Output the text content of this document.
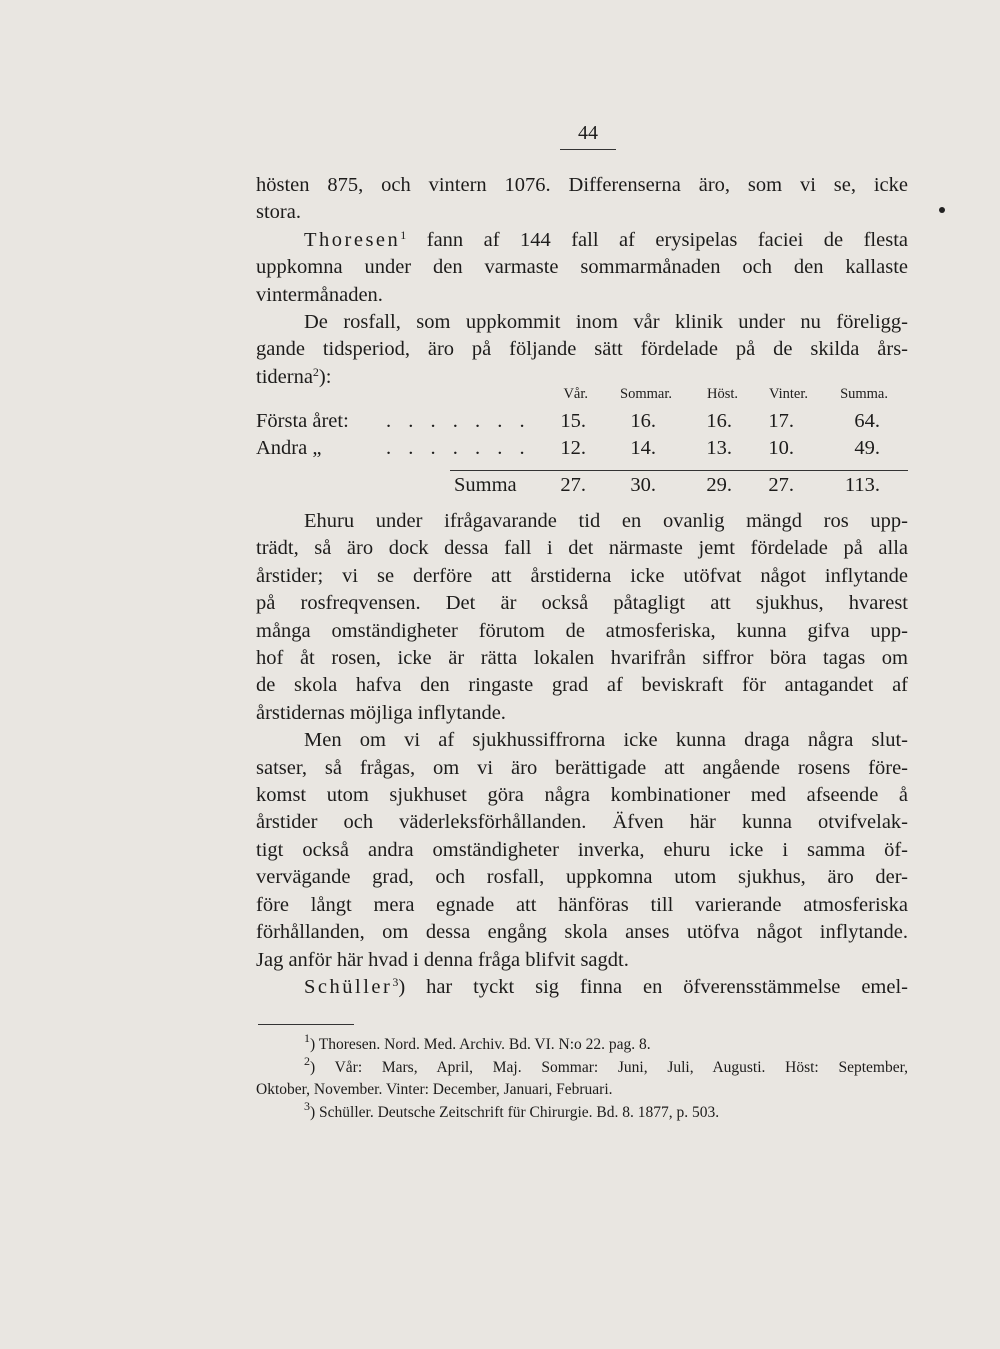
44
hösten 875, och vintern 1076. Differenserna äro, som vi se, icke
stora.
Thoresen$^1$ fann af 144 fall af erysipelas faciei de flesta
uppkomna under den varmaste sommarmånaden och den kallaste
vintermånaden.
De rosfall, som uppkommit inom vår klinik under nu föreligg-
gande tidsperiod, äro på följande sätt fördelade på de skilda års-
tiderna$^2$):
Vår. Sommar. Höst. Vinter. Summa.
Första året: . . . . . . . 15. 16. 16. 17.	64.
Andra „	. . . . . . . 12. 14. 13. 10.	49.
Summa 27. 30. 29. 27. 113.
Ehuru under ifrågavarande tid en ovanlig mängd ros upp-
trädt, så äro dock dessa fall i det närmaste jemt fördelade på alla
årstider; vi se derföre att årstiderna icke utöfvat något inflytande
på rosfreqvensen. Det är också påtagligt att sjukhus, hvarest
många omständigheter förutom de atmosferiska, kunna gifva upp-
hof åt rosen, icke är rätta lokalen hvarifrån siffror böra tagas om
de skola hafva den ringaste grad af beviskraft för antagandet af
årstidernas möjliga inflytande.
Men om vi af sjukhussiffrorna icke kunna draga några slut-
satser, så frågas, om vi äro berättigade att angående rosens före-
komst utom sjukhuset göra några kombinationer med afseende å
årstider och väderleksförhållanden. Äfven här kunna otvifvelak-
tigt också andra omständigheter inverka, ehuru icke i samma öf-
vervägande grad, och rosfall, uppkomna utom sjukhus, äro der-
före långt mera egnade att hänföras till varierande atmosferiska
förhållanden, om dessa engång skola anses utöfva något inflytande.
Jag anför här hvad i denna fråga blifvit sagdt.
Schüller$^3$) har tyckt sig finna en öfverensstämmelse emel-
$^1$) Thoresen. Nord. Med. Archiv. Bd. VI. N:o 22. pag. 8.
$^2$) Vår: Mars, April, Maj. Sommar: Juni, Juli, Augusti. Höst: September,
Oktober, November. Vinter: December, Januari, Februari.
$^3$) Schüller. Deutsche Zeitschrift für Chirurgie. Bd. 8. 1877, p. 503.
